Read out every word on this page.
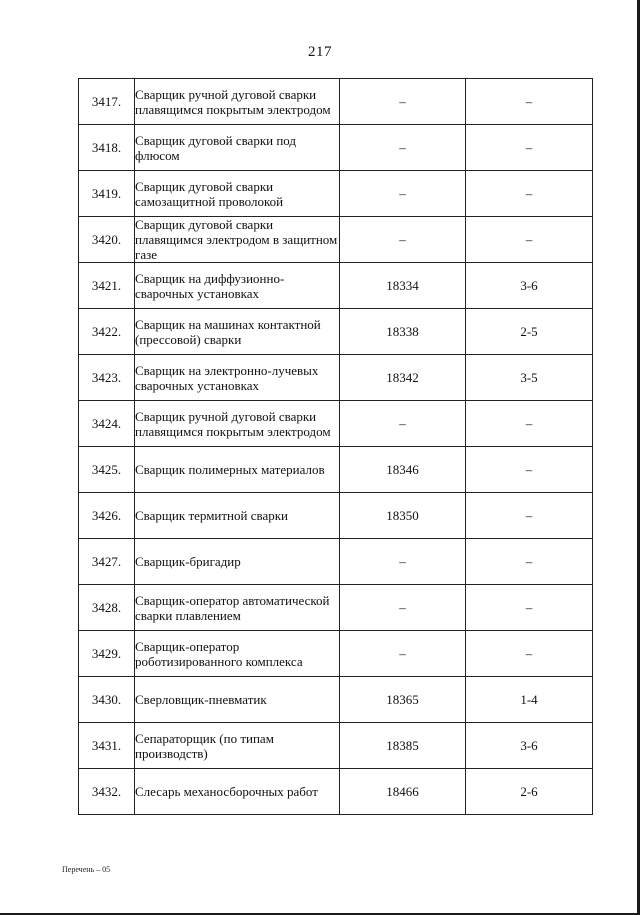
217
3417.	Сварщик ручной дуговой сварки плавящимся покрытым электродом	–	–
3418.	Сварщик дуговой сварки под флюсом	–	–
3419.	Сварщик дуговой сварки самозащитной проволокой	–	–
3420.	Сварщик дуговой сварки плавящимся электродом в защитном газе	–	–
3421.	Сварщик на диффузионно-сварочных установках	18334	3-6
3422.	Сварщик на машинах контактной (прессовой) сварки	18338	2-5
3423.	Сварщик на электронно-лучевых сварочных установках	18342	3-5
3424.	Сварщик ручной дуговой сварки плавящимся покрытым электродом	–	–
3425.	Сварщик полимерных материалов	18346	–
3426.	Сварщик термитной сварки	18350	–
3427.	Сварщик-бригадир	–	–
3428.	Сварщик-оператор автоматической сварки плавлением	–	–
3429.	Сварщик-оператор роботизированного комплекса	–	–
3430.	Сверловщик-пневматик	18365	1-4
3431.	Сепараторщик (по типам производств)	18385	3-6
3432.	Слесарь механосборочных работ	18466	2-6
Перечень – 05
